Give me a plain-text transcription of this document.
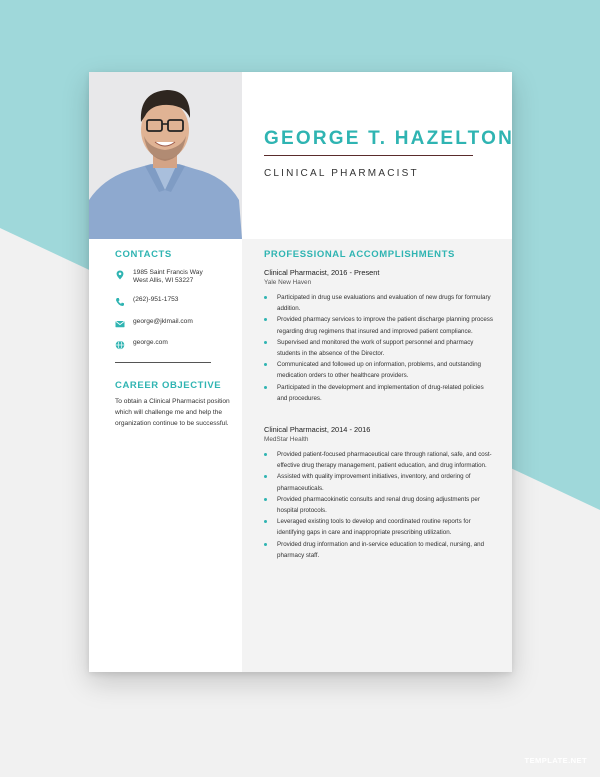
GEORGE T. HAZELTON
CLINICAL PHARMACIST
CONTACTS
1985 Saint Francis Way
West Allis, WI 53227
(262)-951-1753
george@jklmail.com
george.com
CAREER OBJECTIVE
To obtain a Clinical Pharmacist position which will challenge me and help the organization continue to be successful.
PROFESSIONAL ACCOMPLISHMENTS
Clinical Pharmacist, 2016 - Present
Yale New Haven
Participated in drug use evaluations and evaluation of new drugs for formulary addition.
Provided pharmacy services to improve the patient discharge planning process regarding drug regimens that insured and improved patient compliance.
Supervised and monitored the work of support personnel and pharmacy students in the absence of the Director.
Communicated and followed up on information, problems, and outstanding medication orders to other healthcare providers.
Participated in the development and implementation of drug-related policies and procedures.
Clinical Pharmacist, 2014 - 2016
MedStar Health
Provided patient-focused pharmaceutical care through rational, safe, and cost-effective drug therapy management, patient education, and drug information.
Assisted with quality improvement initiatives, inventory, and ordering of pharmaceuticals.
Provided pharmacokinetic consults and renal drug dosing adjustments per hospital protocols.
Leveraged existing tools to develop and coordinated routine reports for identifying gaps in care and inappropriate prescribing utilization.
Provided drug information and in-service education to medical, nursing, and pharmacy staff.
TEMPLATE.NET
